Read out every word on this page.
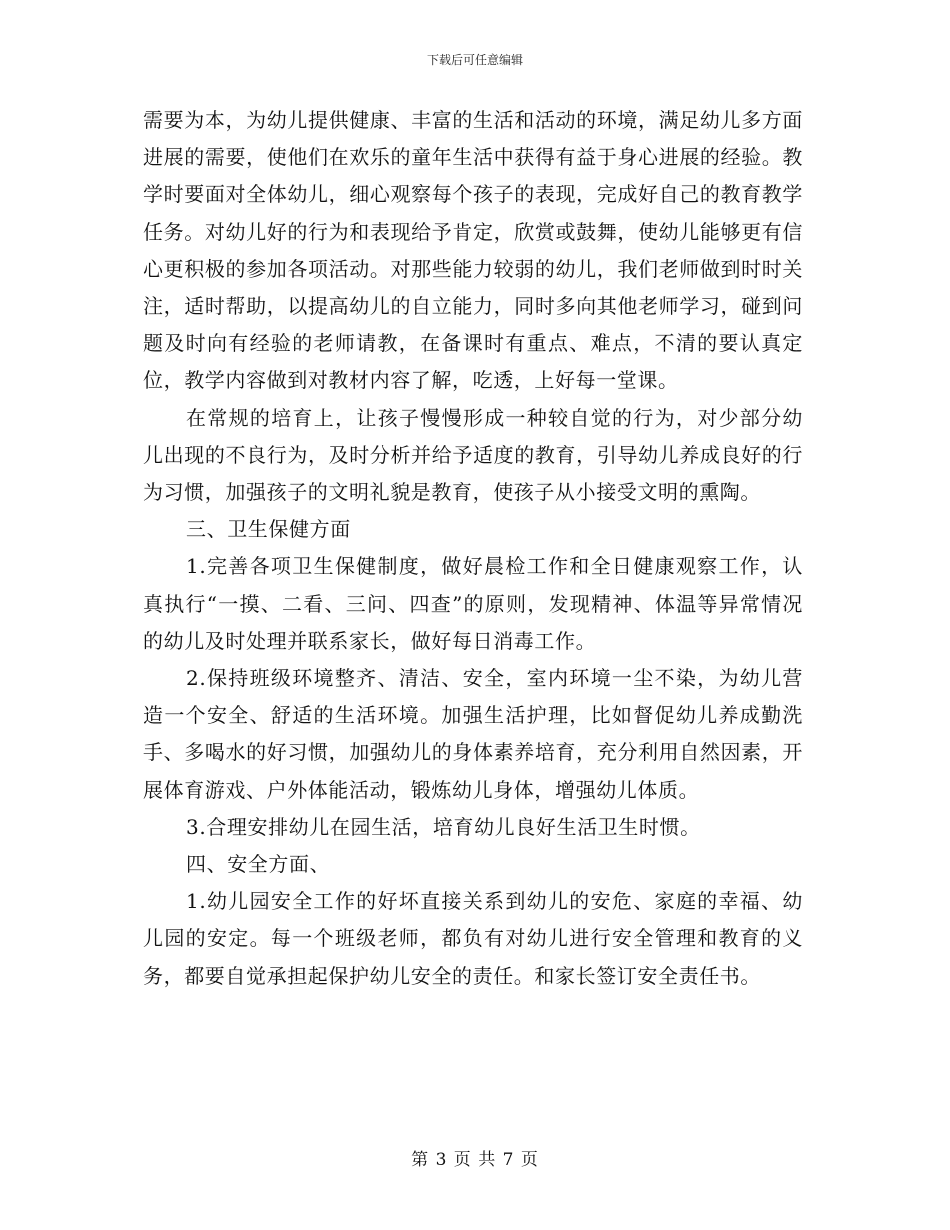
下载后可任意编辑

需要为本，为幼儿提供健康、丰富的生活和活动的环境，满足幼儿多方面进展的需要，使他们在欢乐的童年生活中获得有益于身心进展的经验。教学时要面对全体幼儿，细心观察每个孩子的表现，完成好自己的教育教学任务。对幼儿好的行为和表现给予肯定，欣赏或鼓舞，使幼儿能够更有信心更积极的参加各项活动。对那些能力较弱的幼儿，我们老师做到时时关注，适时帮助，以提高幼儿的自立能力，同时多向其他老师学习，碰到问题及时向有经验的老师请教，在备课时有重点、难点，不清的要认真定位，教学内容做到对教材内容了解，吃透，上好每一堂课。

在常规的培育上，让孩子慢慢形成一种较自觉的行为，对少部分幼儿出现的不良行为，及时分析并给予适度的教育，引导幼儿养成良好的行为习惯，加强孩子的文明礼貌是教育，使孩子从小接受文明的熏陶。

三、卫生保健方面

1.完善各项卫生保健制度，做好晨检工作和全日健康观察工作，认真执行“一摸、二看、三问、四查”的原则，发现精神、体温等异常情况的幼儿及时处理并联系家长，做好每日消毒工作。

2.保持班级环境整齐、清洁、安全，室内环境一尘不染，为幼儿营造一个安全、舒适的生活环境。加强生活护理，比如督促幼儿养成勤洗手、多喝水的好习惯，加强幼儿的身体素养培育，充分利用自然因素，开展体育游戏、户外体能活动，锻炼幼儿身体，增强幼儿体质。

3.合理安排幼儿在园生活，培育幼儿良好生活卫生时惯。

四、安全方面、

1.幼儿园安全工作的好坏直接关系到幼儿的安危、家庭的幸福、幼儿园的安定。每一个班级老师，都负有对幼儿进行安全管理和教育的义务，都要自觉承担起保护幼儿安全的责任。和家长签订安全责任书。

第 3 页 共 7 页
